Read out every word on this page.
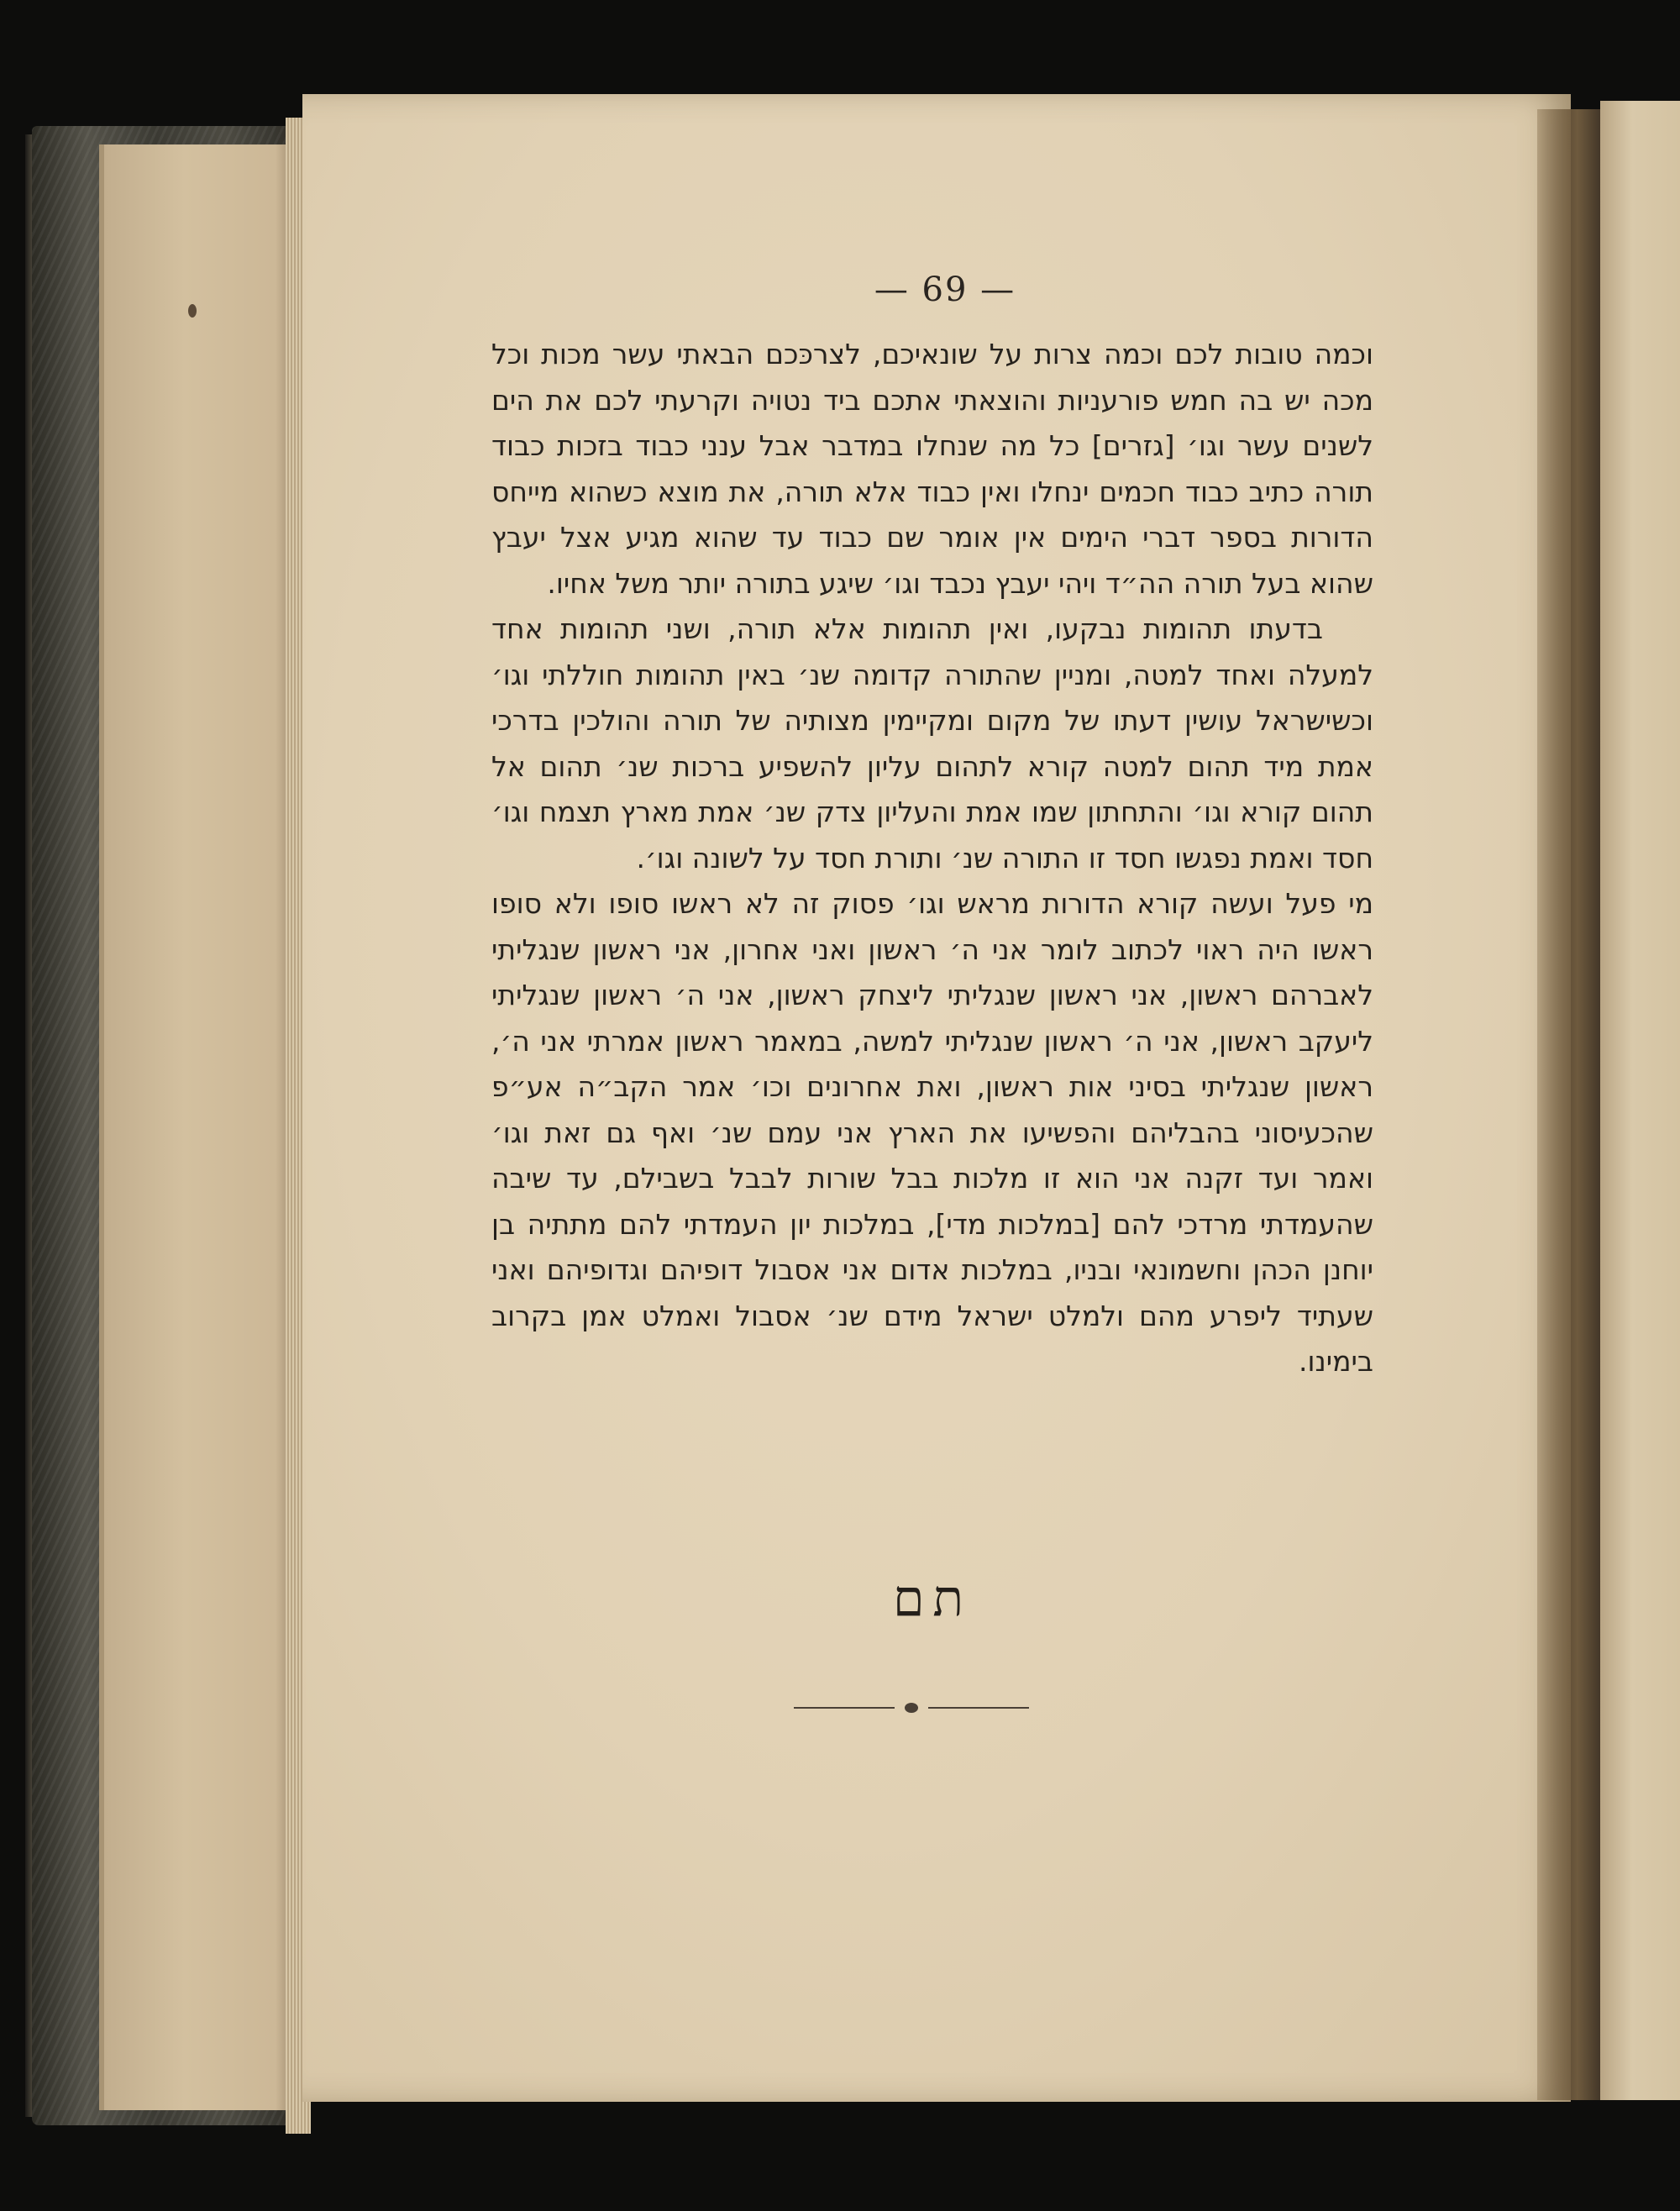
— 69 —

וכמה טובות לכם וכמה צרות על שונאיכם, לצרכּכם הבאתי עשר מכות וכל מכה יש בה חמש פורעניות והוצאתי אתכם ביד נטויה וקרעתי לכם את הים לשנים עשר וגו׳ [גזרים] כל מה שנחלו במדבר אבל ענני כבוד בזכות כבוד תורה כתיב כבוד חכמים ינחלו ואין כבוד אלא תורה, את מוצא כשהוא מייחס הדורות בספר דברי הימים אין אומר שם כבוד עד שהוא מגיע אצל יעבץ שהוא בעל תורה הה״ד ויהי יעבץ נכבד וגו׳ שיגע בתורה יותר משל אחיו.

בדעתו תהומות נבקעו, ואין תהומות אלא תורה, ושני תהומות אחד למעלה ואחד למטה, ומניין שהתורה קדומה שנ׳ באין תהומות חוללתי וגו׳ וכשישראל עושין דעתו של מקום ומקיימין מצותיה של תורה והולכין בדרכי אמת מיד תהום למטה קורא לתהום עליון להשפיע ברכות שנ׳ תהום אל תהום קורא וגו׳ והתחתון שמו אמת והעליון צדק שנ׳ אמת מארץ תצמח וגו׳ חסד ואמת נפגשו חסד זו התורה שנ׳ ותורת חסד על לשונה וגו׳.

מי פעל ועשה קורא הדורות מראש וגו׳ פסוק זה לא ראשו סופו ולא סופו ראשו היה ראוי לכתוב לומר אני ה׳ ראשון ואני אחרון, אני ראשון שנגליתי לאברהם ראשון, אני ראשון שנגליתי ליצחק ראשון, אני ה׳ ראשון שנגליתי ליעקב ראשון, אני ה׳ ראשון שנגליתי למשה, במאמר ראשון אמרתי אני ה׳, ראשון שנגליתי בסיני אות ראשון, ואת אחרונים וכו׳ אמר הקב״ה אע״פ שהכעיסוני בהבליהם והפשיעו את הארץ אני עמם שנ׳ ואף גם זאת וגו׳ ואמר ועד זקנה אני הוא זו מלכות בבל שורות לבבל בשבילם, עד שיבה שהעמדתי מרדכי להם [במלכות מדי], במלכות יון העמדתי להם מתתיה בן יוחנן הכהן וחשמונאי ובניו, במלכות אדום אני אסבול דופיהם וגדופיהם ואני שעתיד ליפרע מהם ולמלט ישראל מידם שנ׳ אסבול ואמלט אמן בקרוב בימינו.

תם
